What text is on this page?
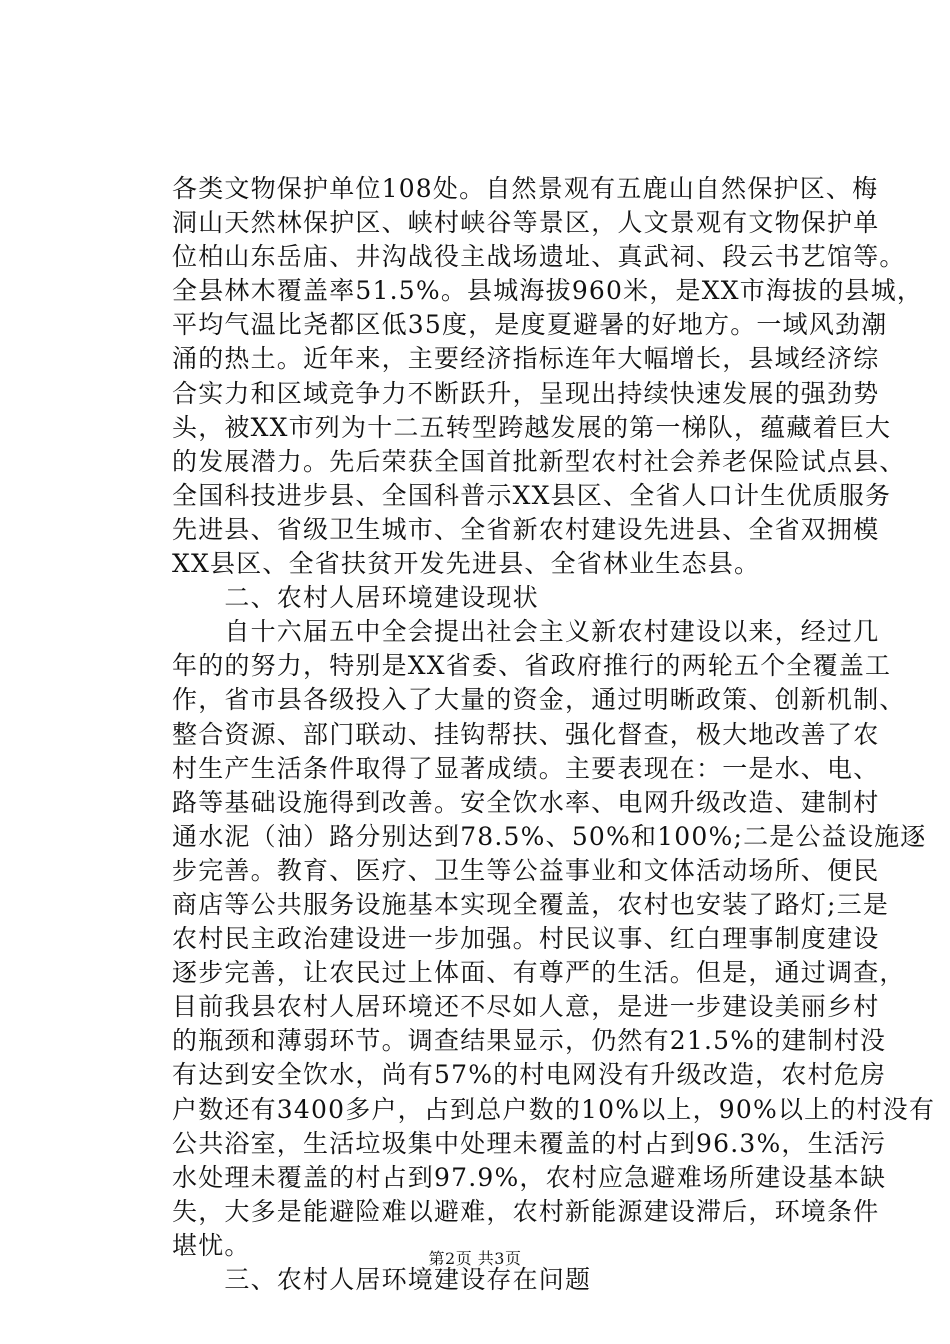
各类文物保护单位108处。自然景观有五鹿山自然保护区、梅
洞山天然林保护区、峡村峡谷等景区，人文景观有文物保护单
位柏山东岳庙、井沟战役主战场遗址、真武祠、段云书艺馆等。
全县林木覆盖率51.5%。县城海拔960米，是XX市海拔的县城，
平均气温比尧都区低35度，是度夏避暑的好地方。一域风劲潮
涌的热土。近年来，主要经济指标连年大幅增长，县域经济综
合实力和区域竞争力不断跃升，呈现出持续快速发展的强劲势
头，被XX市列为十二五转型跨越发展的第一梯队，蕴藏着巨大
的发展潜力。先后荣获全国首批新型农村社会养老保险试点县、
全国科技进步县、全国科普示XX县区、全省人口计生优质服务
先进县、省级卫生城市、全省新农村建设先进县、全省双拥模
XX县区、全省扶贫开发先进县、全省林业生态县。
　　二、农村人居环境建设现状
　　自十六届五中全会提出社会主义新农村建设以来，经过几
年的的努力，特别是XX省委、省政府推行的两轮五个全覆盖工
作，省市县各级投入了大量的资金，通过明晰政策、创新机制、
整合资源、部门联动、挂钩帮扶、强化督查，极大地改善了农
村生产生活条件取得了显著成绩。主要表现在：一是水、电、
路等基础设施得到改善。安全饮水率、电网升级改造、建制村
通水泥（油）路分别达到78.5%、50%和100%;二是公益设施逐
步完善。教育、医疗、卫生等公益事业和文体活动场所、便民
商店等公共服务设施基本实现全覆盖，农村也安装了路灯;三是
农村民主政治建设进一步加强。村民议事、红白理事制度建设
逐步完善，让农民过上体面、有尊严的生活。但是，通过调查，
目前我县农村人居环境还不尽如人意，是进一步建设美丽乡村
的瓶颈和薄弱环节。调查结果显示，仍然有21.5%的建制村没
有达到安全饮水，尚有57%的村电网没有升级改造，农村危房
户数还有3400多户，占到总户数的10%以上，90%以上的村没有
公共浴室，生活垃圾集中处理未覆盖的村占到96.3%，生活污
水处理未覆盖的村占到97.9%，农村应急避难场所建设基本缺
失，大多是能避险难以避难，农村新能源建设滞后，环境条件
堪忧。
　　三、农村人居环境建设存在问题
第2页 共3页
